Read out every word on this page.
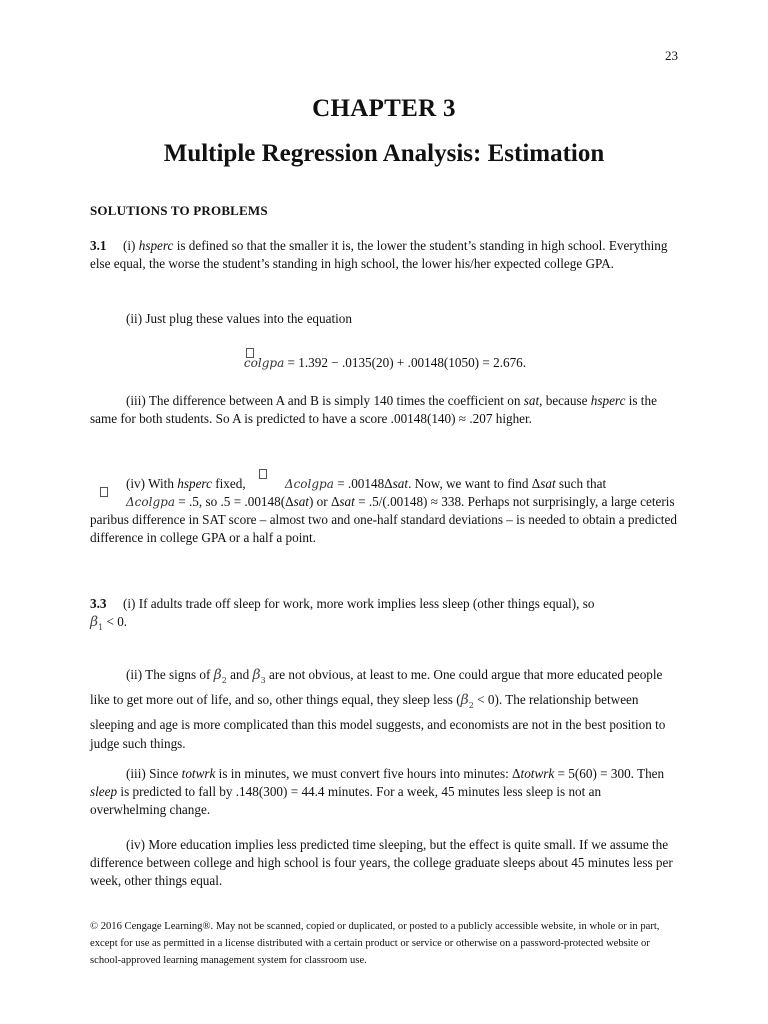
23
CHAPTER 3
Multiple Regression Analysis: Estimation
SOLUTIONS TO PROBLEMS

3.1 (i) hsperc is defined so that the smaller it is, the lower the student’s standing in high school. Everything else equal, the worse the student’s standing in high school, the lower his/her expected college GPA.

(ii) Just plug these values into the equation

colgpa = 1.392 − .0135(20) + .00148(1050) = 2.676.

(iii) The difference between A and B is simply 140 times the coefficient on sat, because hsperc is the same for both students. So A is predicted to have a score .00148(140) ≈ .207 higher.

(iv) With hsperc fixed,	Δcolgpa = .00148Δsat. Now, we want to find Δsat such that

Δcolgpa = .5, so .5 = .00148(Δsat) or Δsat = .5/(.00148) ≈ 338. Perhaps not surprisingly, a large ceteris paribus difference in SAT score – almost two and one-half standard deviations – is needed to obtain a predicted difference in college GPA or a half a point.

3.3 (i) If adults trade off sleep for work, more work implies less sleep (other things equal), so
$\beta_1 < 0$.

(ii) The signs of $\beta_2$ and $\beta_3$ are not obvious, at least to me. One could argue that more educated people like to get more out of life, and so, other things equal, they sleep less $(\beta_2 < 0)$. The relationship between sleeping and age is more complicated than this model suggests, and economists are not in the best position to judge such things.

(iii) Since totwrk is in minutes, we must convert five hours into minutes: Δtotwrk = 5(60) = 300. Then sleep is predicted to fall by .148(300) = 44.4 minutes. For a week, 45 minutes less sleep is not an overwhelming change.

(iv) More education implies less predicted time sleeping, but the effect is quite small. If we assume the difference between college and high school is four years, the college graduate sleeps about 45 minutes less per week, other things equal.

© 2016 Cengage Learning®. May not be scanned, copied or duplicated, or posted to a publicly accessible website, in whole or in part, except for use as permitted in a license distributed with a certain product or service or otherwise on a password-protected website or school-approved learning management system for classroom use.
